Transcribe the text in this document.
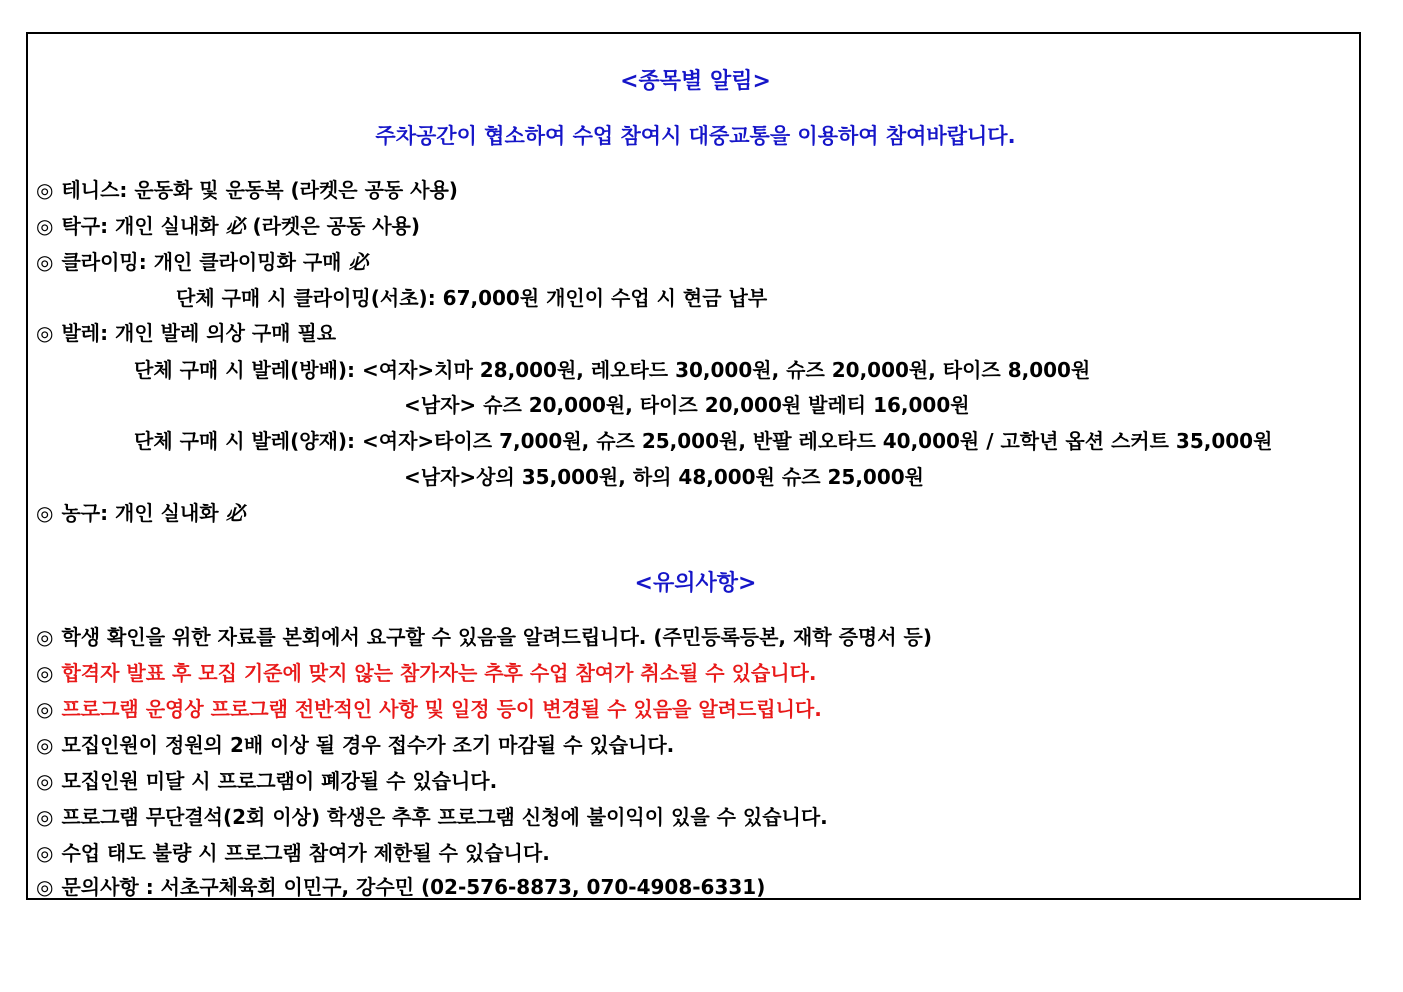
<종목별 알림>
주차공간이 협소하여 수업 참여시 대중교통을 이용하여 참여바랍니다.
◎ 테니스: 운동화 및 운동복 (라켓은 공동 사용)
◎ 탁구: 개인 실내화 必 (라켓은 공동 사용)
◎ 클라이밍: 개인 클라이밍화 구매 必
단체 구매 시 클라이밍(서초): 67,000원 개인이 수업 시 현금 납부
◎ 발레: 개인 발레 의상 구매 필요
단체 구매 시 발레(방배): <여자>치마 28,000원, 레오타드 30,000원, 슈즈 20,000원, 타이즈 8,000원
<남자> 슈즈 20,000원, 타이즈 20,000원 발레티 16,000원
단체 구매 시 발레(양재): <여자>타이즈 7,000원, 슈즈 25,000원, 반팔 레오타드 40,000원 / 고학년 옵션 스커트 35,000원
<남자>상의 35,000원, 하의 48,000원 슈즈 25,000원
◎ 농구: 개인 실내화 必
<유의사항>
◎ 학생 확인을 위한 자료를 본회에서 요구할 수 있음을 알려드립니다. (주민등록등본, 재학 증명서 등)
◎ 합격자 발표 후 모집 기준에 맞지 않는 참가자는 추후 수업 참여가 취소될 수 있습니다.
◎ 프로그램 운영상 프로그램 전반적인 사항 및 일정 등이 변경될 수 있음을 알려드립니다.
◎ 모집인원이 정원의 2배 이상 될 경우 접수가 조기 마감될 수 있습니다.
◎ 모집인원 미달 시 프로그램이 폐강될 수 있습니다.
◎ 프로그램 무단결석(2회 이상) 학생은 추후 프로그램 신청에 불이익이 있을 수 있습니다.
◎ 수업 태도 불량 시 프로그램 참여가 제한될 수 있습니다.
◎ 문의사항 : 서초구체육회 이민구, 강수민 (02-576-8873, 070-4908-6331)
